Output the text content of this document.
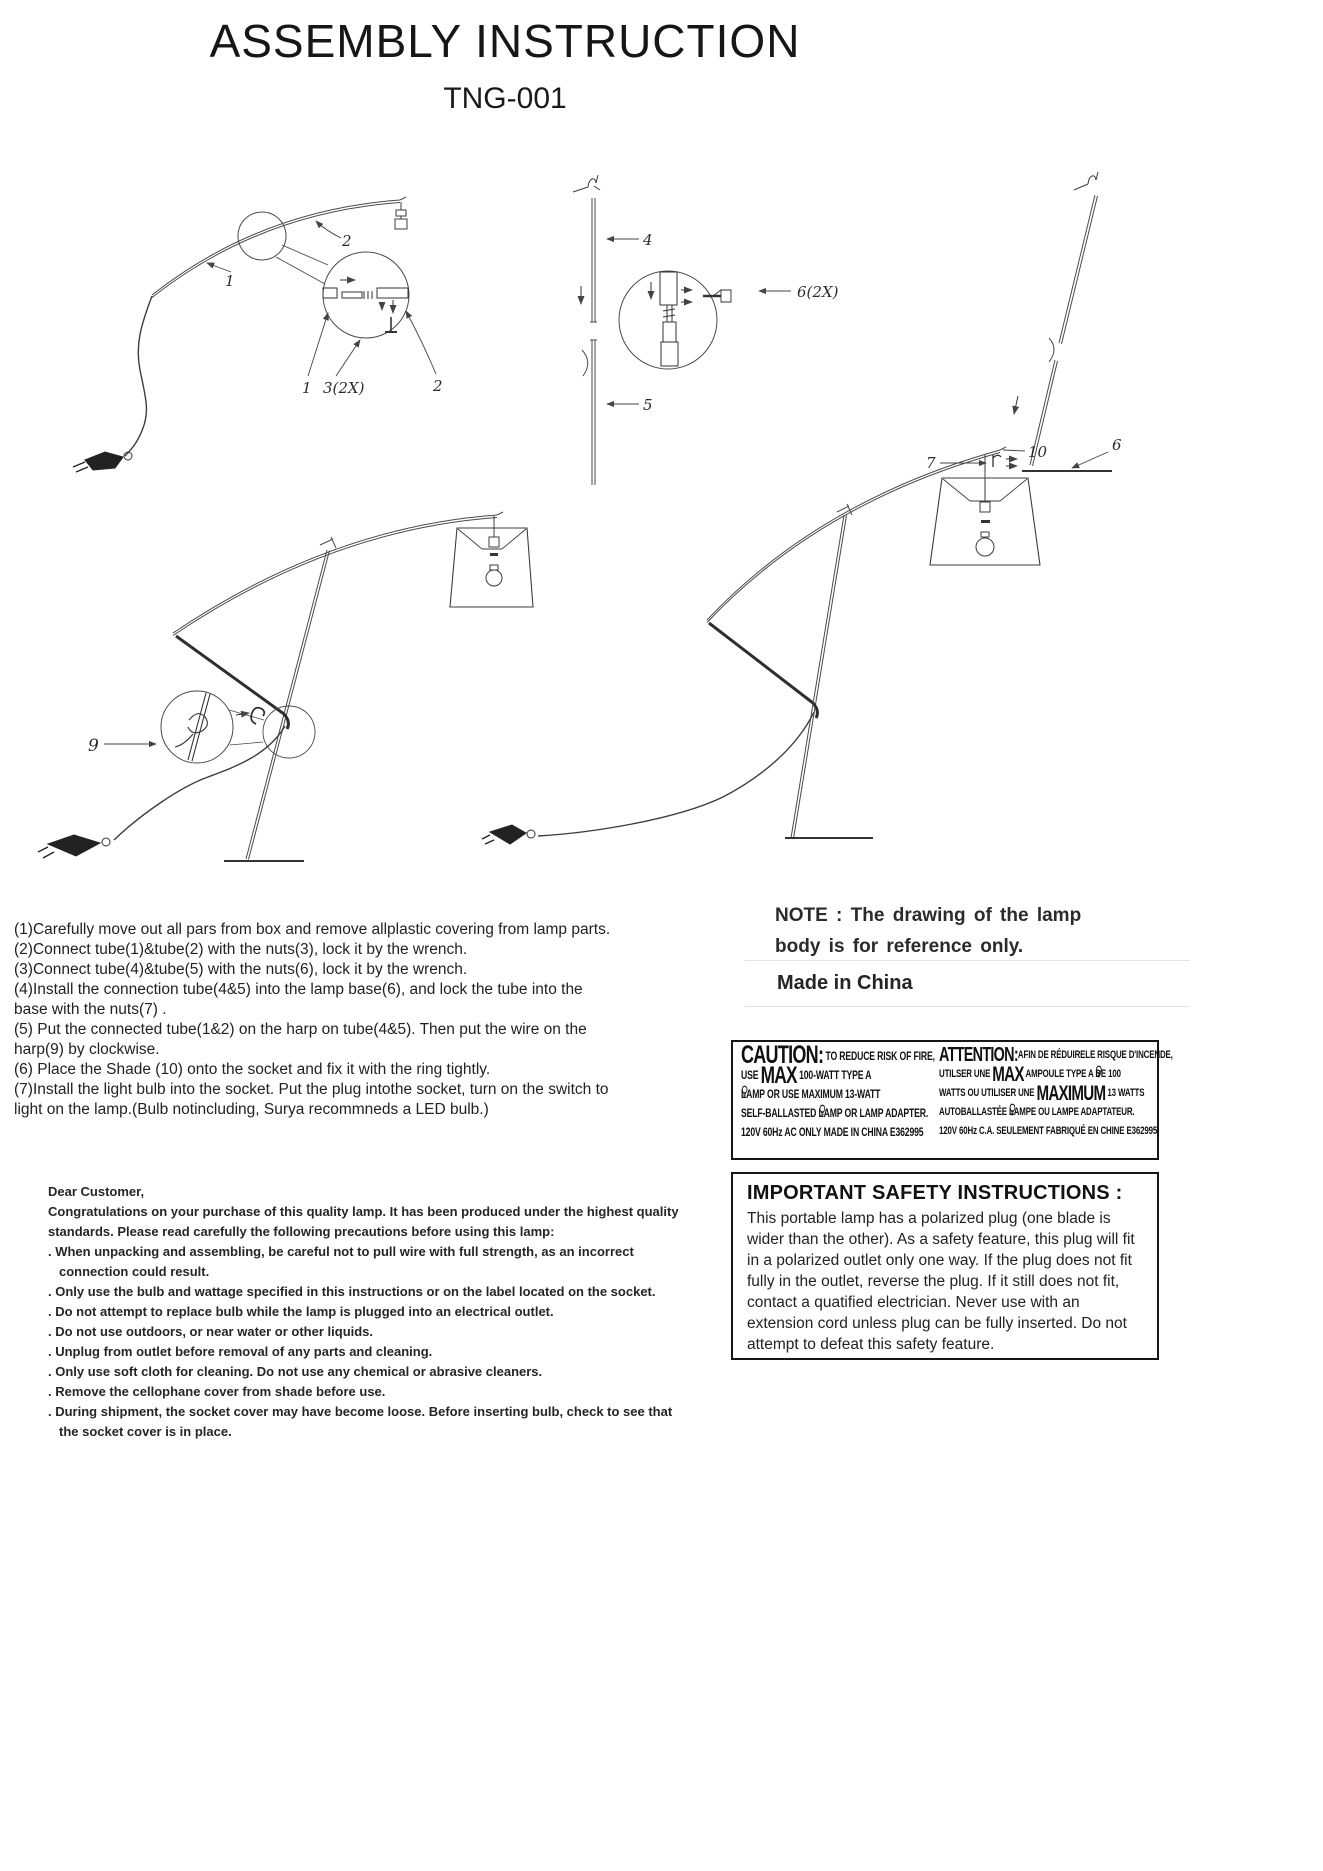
ASSEMBLY INSTRUCTION
TNG-001
2
1
1 3(2X)	2
4
5
6(2X)
7
6
9
10

(1)Carefully move out all pars from box and remove allplastic covering from lamp parts.

(2)Connect tube(1)&tube(2) with the nuts(3), lock it by the wrench.

(3)Connect tube(4)&tube(5) with the nuts(6), lock it by the wrench.

(4)Install the connection tube(4&5) into the lamp base(6), and lock the tube into the base with the nuts(7) .

(5) Put the connected tube(1&2) on the harp on tube(4&5). Then put the wire on the harp(9) by clockwise.

(6) Place the Shade (10) onto the socket and fix it with the ring tightly.

(7)Install the light bulb into the socket. Put the plug intothe socket, turn on the switch to light on the lamp.(Bulb notincluding, Surya recommneds a LED bulb.)

NOTE : The drawing of the lamp
body is for reference only.
Made in China
CAUTION: TO REDUCE RISK OF FIRE,
USE MAX 100-WATT TYPE A
LAMP OR USE MAXIMUM 13-WATT
SELF-BALLASTED LAMP OR LAMP ADAPTER.
120V 60Hz AC ONLY MADE IN CHINA E362995
ATTENTION:AFIN DE RÉDUIRELE RISQUE D'INCENDE,
UTILSER UNE MAX AMPOULE TYPE A DE 100
WATTS OU UTILISER UNE MAXIMUM 13 WATTS
AUTOBALLASTÉE LAMPE OU LAMPE ADAPTATEUR.
120V 60Hz C.A. SEULEMENT FABRIQUÉ EN CHINE E362995
IMPORTANT SAFETY INSTRUCTIONS :

This portable lamp has a polarized plug (one blade is wider than the other). As a safety feature, this plug will fit in a polarized outlet only one way. If the plug does not fit fully in the outlet, reverse the plug. If it still does not fit, contact a quatified electrician. Never use with an extension cord unless plug can be fully inserted. Do not attempt to defeat this safety feature.

Dear Customer,

Congratulations on your purchase of this quality lamp. It has been produced under the highest quality standards. Please read carefully the following precautions before using this lamp:

. When unpacking and assembling, be careful not to pull wire with full strength, as an incorrect connection could result.

. Only use the bulb and wattage specified in this instructions or on the label located on the socket.

. Do not attempt to replace bulb while the lamp is plugged into an electrical outlet.

. Do not use outdoors, or near water or other liquids.

. Unplug from outlet before removal of any parts and cleaning.

. Only use soft cloth for cleaning. Do not use any chemical or abrasive cleaners.

. Remove the cellophane cover from shade before use.

. During shipment, the socket cover may have become loose. Before inserting bulb, check to see that the socket cover is in place.
